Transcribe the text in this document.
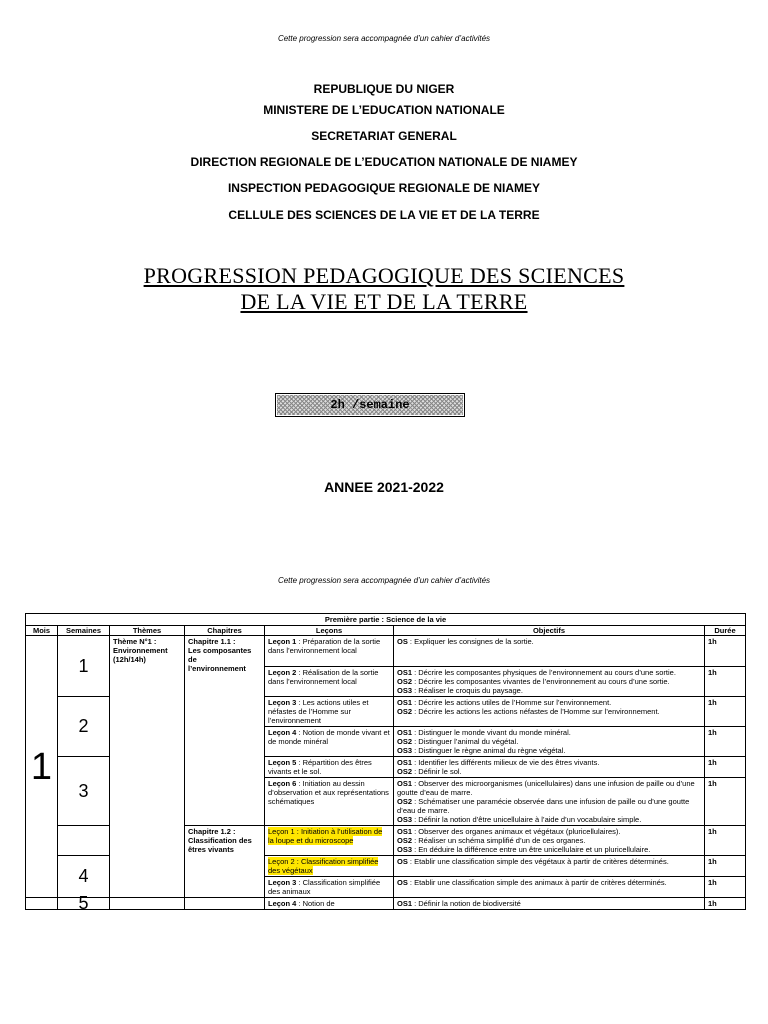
Cette progression sera accompagnée d’un cahier d’activités
REPUBLIQUE DU NIGER
MINISTERE DE L’EDUCATION NATIONALE
SECRETARIAT GENERAL
DIRECTION REGIONALE DE L’EDUCATION NATIONALE DE NIAMEY
INSPECTION PEDAGOGIQUE REGIONALE DE NIAMEY
CELLULE DES SCIENCES DE LA VIE ET DE LA TERRE
PROGRESSION PEDAGOGIQUE DES SCIENCES
DE LA VIE ET DE LA TERRE
2h /semaine
ANNEE 2021-2022
Cette progression sera accompagnée d’un cahier d’activités
Première partie : Science de la vie						
Mois	Semaines	Thèmes	Chapitres	Leçons	Objectifs	Durée
1	1	Thème N°1 :
Environnement
(12h/14h)	Chapitre 1.1 :
Les composantes de
l’environnement	Leçon 1 : Préparation de la sortie dans l’environnement local	OS : Expliquer les consignes de la sortie.	1h
				Leçon 2 : Réalisation de la sortie dans l’environnement local	OS1 : Décrire les composantes physiques de l’environnement au cours d’une sortie.
OS2 : Décrire les composantes vivantes de l’environnement au cours d’une sortie.
OS3 : Réaliser le croquis du paysage.	1h
	2			Leçon 3 : Les actions utiles et néfastes de l’Homme sur l’environnement	OS1 : Décrire les actions utiles de l’Homme sur l’environnement.
OS2 : Décrire les actions les actions néfastes de l’Homme sur l’environnement.	1h
				Leçon 4 : Notion de monde vivant et de monde minéral	OS1 : Distinguer le monde vivant du monde minéral.
OS2 : Distinguer l’animal du végétal.
OS3 : Distinguer le règne animal du règne végétal.	1h
	3			Leçon 5 : Répartition des êtres vivants et le sol.	OS1 : Identifier les différents milieux de vie des êtres vivants.
OS2 : Définir le sol.	1h
				Leçon 6 : Initiation au dessin d’observation et aux représentations schématiques	OS1 : Observer des microorganismes (unicellulaires) dans une infusion de paille ou d’une goutte d’eau de marre.
OS2 : Schématiser une paramécie observée dans une infusion de paille ou d’une goutte d’eau de marre.
OS3 : Définir la notion d’être unicellulaire à l’aide d’un vocabulaire simple.	1h
			Chapitre 1.2 :
Classification des êtres vivants	Leçon 1 : Initiation à l’utilisation de la loupe et du microscope	OS1 : Observer des organes animaux et végétaux (pluricellulaires).
OS2 : Réaliser un schéma simplifié d’un de ces organes.
OS3 : En déduire la différence entre un être unicellulaire et un pluricellulaire.	1h
	4			Leçon 2 : Classification simplifiée des végétaux	OS : Etablir une classification simple des végétaux à partir de critères déterminés.	1h
				Leçon 3 : Classification simplifiée des animaux	OS : Etablir une classification simple des animaux à partir de critères déterminés.	1h
	5			Leçon 4 : Notion de	OS1 : Définir la notion de biodiversité	1h
